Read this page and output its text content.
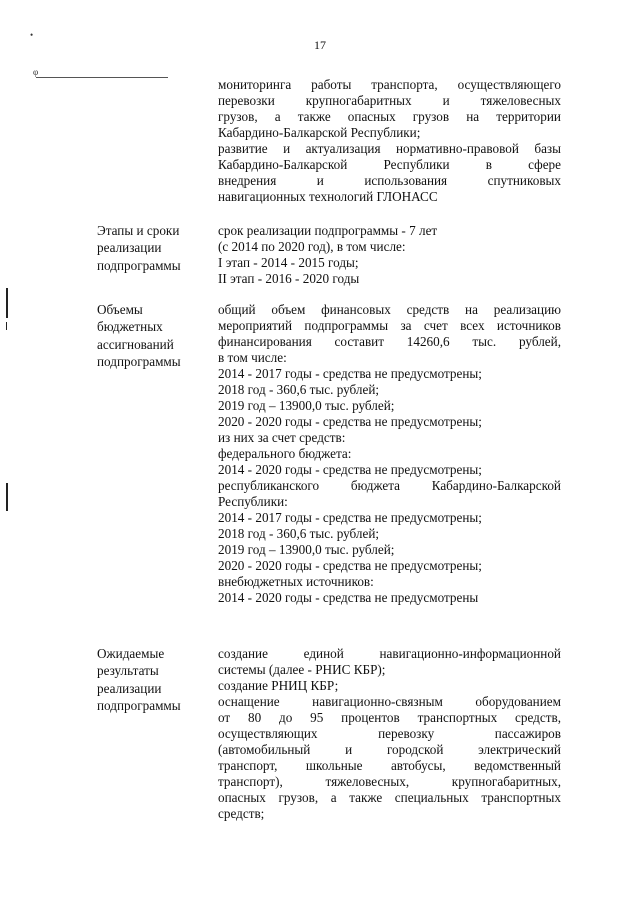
17
•
φ
мониторинга работы транспорта, осуществляющего
перевозки крупногабаритных и тяжеловесных
грузов, а также опасных грузов на территории
Кабардино-Балкарской Республики;
развитие и актуализация нормативно-правовой базы
Кабардино-Балкарской Республики в сфере
внедрения и использования спутниковых
навигационных технологий ГЛОНАСС
Этапы и сроки
реализации
подпрограммы
срок реализации подпрограммы - 7 лет
(с 2014 по 2020 год), в том числе:
I этап - 2014 - 2015 годы;
II этап - 2016 - 2020 годы
Объемы
бюджетных
ассигнований
подпрограммы
общий объем финансовых средств на реализацию
мероприятий подпрограммы за счет всех источников
финансирования составит 14260,6 тыс. рублей,
в том числе:
2014 - 2017 годы - средства не предусмотрены;
2018 год - 360,6 тыс. рублей;
2019 год – 13900,0 тыс. рублей;
2020 - 2020 годы - средства не предусмотрены;
из них за счет средств:
федерального бюджета:
2014 - 2020 годы - средства не предусмотрены;
республиканского бюджета Кабардино-Балкарской
Республики:
2014 - 2017 годы - средства не предусмотрены;
2018 год - 360,6 тыс. рублей;
2019 год – 13900,0 тыс. рублей;
2020 - 2020 годы - средства не предусмотрены;
внебюджетных источников:
2014 - 2020 годы - средства не предусмотрены
Ожидаемые
результаты
реализации
подпрограммы
создание единой навигационно-информационной
системы (далее - РНИС КБР);
создание РНИЦ КБР;
оснащение навигационно-связным оборудованием
от 80 до 95 процентов транспортных средств,
осуществляющих перевозку пассажиров
(автомобильный и городской электрический
транспорт, школьные автобусы, ведомственный
транспорт), тяжеловесных, крупногабаритных,
опасных грузов, а также специальных транспортных
средств;
